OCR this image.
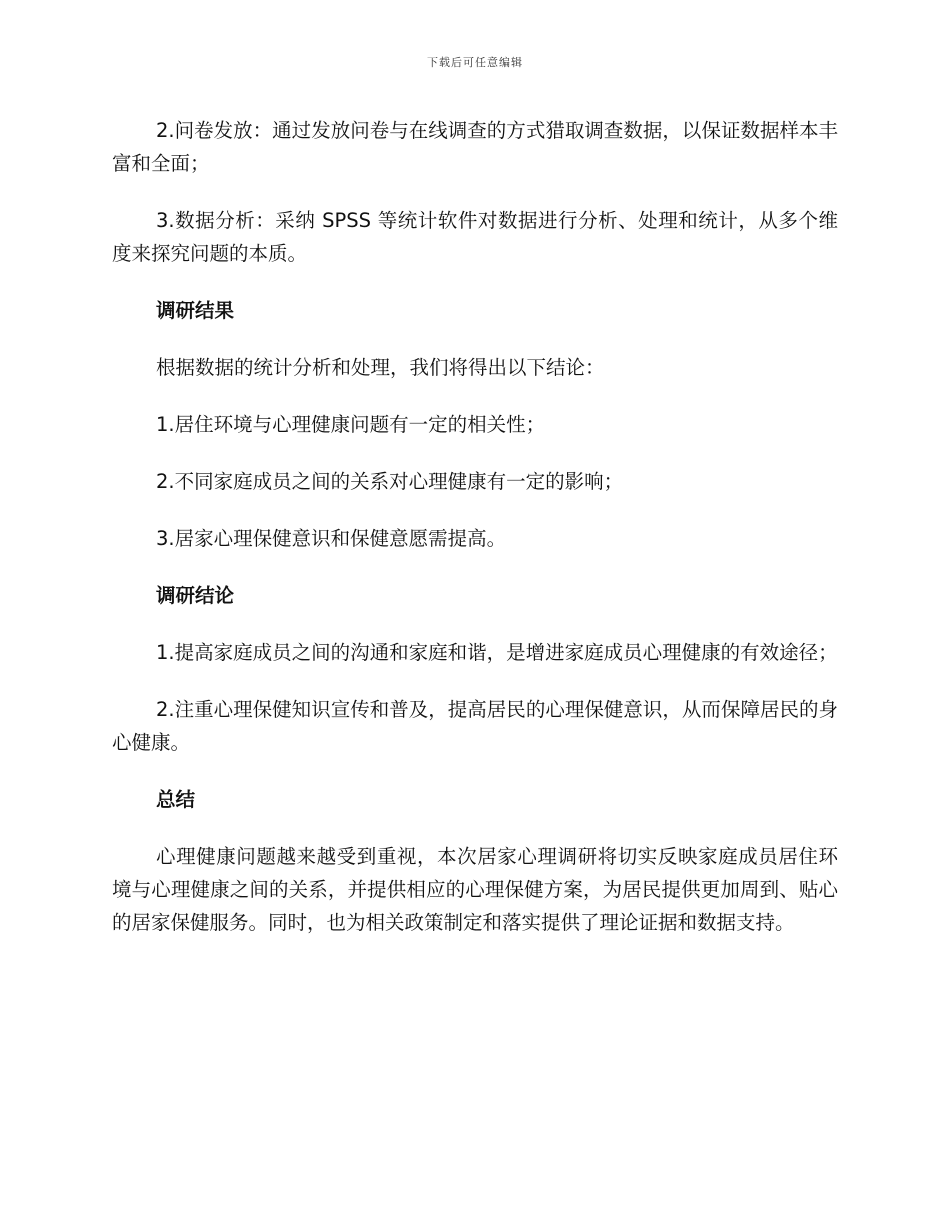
下载后可任意编辑

2.问卷发放：通过发放问卷与在线调查的方式猎取调查数据，以保证数据样本丰富和全面；

3.数据分析：采纳 SPSS 等统计软件对数据进行分析、处理和统计，从多个维度来探究问题的本质。

调研结果

根据数据的统计分析和处理，我们将得出以下结论：

1.居住环境与心理健康问题有一定的相关性；

2.不同家庭成员之间的关系对心理健康有一定的影响；

3.居家心理保健意识和保健意愿需提高。

调研结论

1.提高家庭成员之间的沟通和家庭和谐，是增进家庭成员心理健康的有效途径；

2.注重心理保健知识宣传和普及，提高居民的心理保健意识，从而保障居民的身心健康。

总结

心理健康问题越来越受到重视，本次居家心理调研将切实反映家庭成员居住环境与心理健康之间的关系，并提供相应的心理保健方案，为居民提供更加周到、贴心的居家保健服务。同时，也为相关政策制定和落实提供了理论证据和数据支持。
